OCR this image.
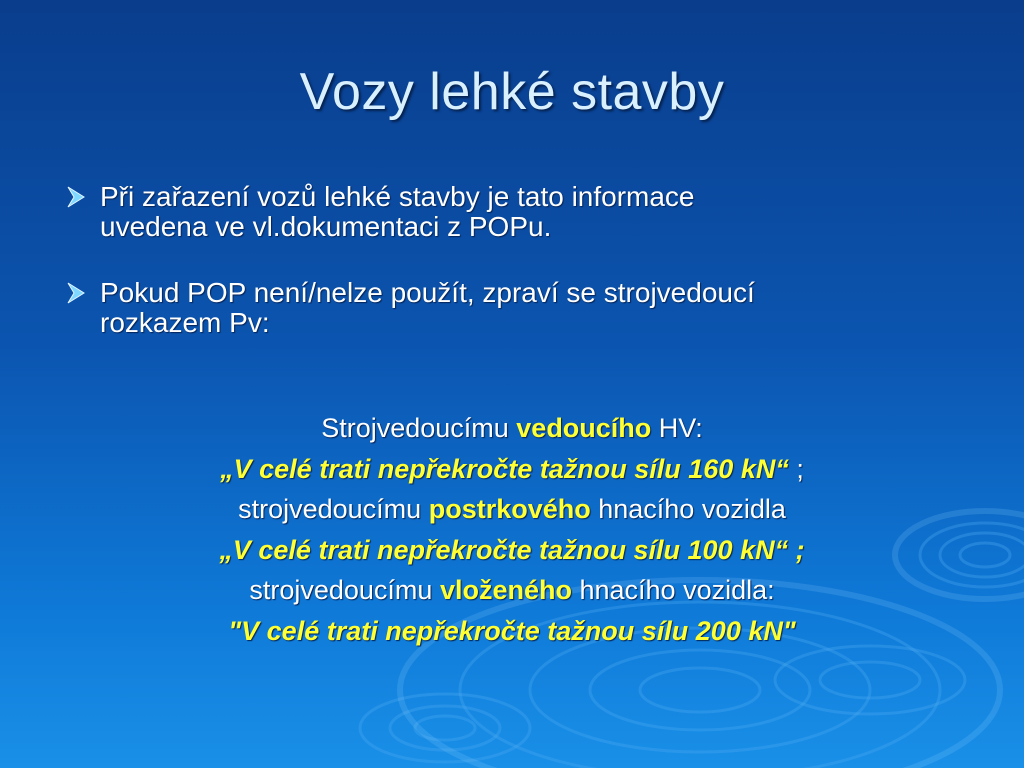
Vozy lehké stavby
Při zařazení vozů lehké stavby je tato informace
uvedena ve vl.dokumentaci z POPu.
Pokud POP není/nelze použít, zpraví se strojvedoucí
rozkazem Pv:
Strojvedoucímu vedoucího HV:
„V celé trati nepřekročte tažnou sílu 160 kN“ ;
strojvedoucímu postrkového hnacího vozidla
„V celé trati nepřekročte tažnou sílu 100 kN“ ;
strojvedoucímu vloženého hnacího vozidla:
"V celé trati nepřekročte tažnou sílu 200 kN"
